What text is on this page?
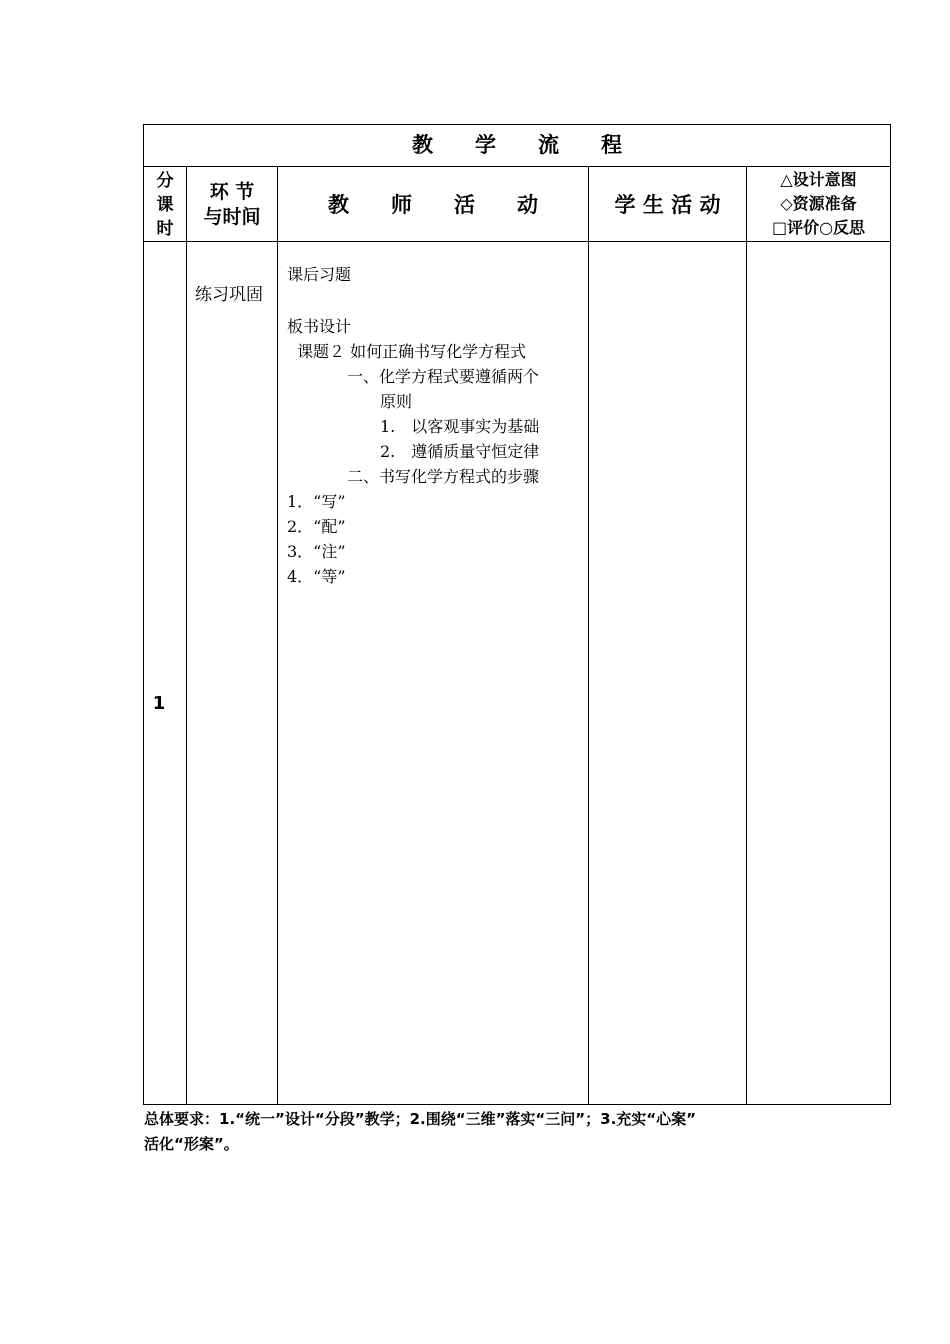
教　　学　　流　　程
分
课
时
环 节
与时间	教　　师　　活　　动	学 生 活 动
△设计意图
◇资源准备
□评价○反思
1
练习巩固
课后习题
板书设计
课题２ 如何正确书写化学方程式
一、化学方程式要遵循两个
原则
1.　以客观事实为基础
2.　遵循质量守恒定律
二、书写化学方程式的步骤
1．“写”
2．“配”
3．“注”
4．“等”
总体要求：1.“统一”设计“分段”教学；2.围绕“三维”落实“三问”；3.充实“心案”
活化“形案”。
